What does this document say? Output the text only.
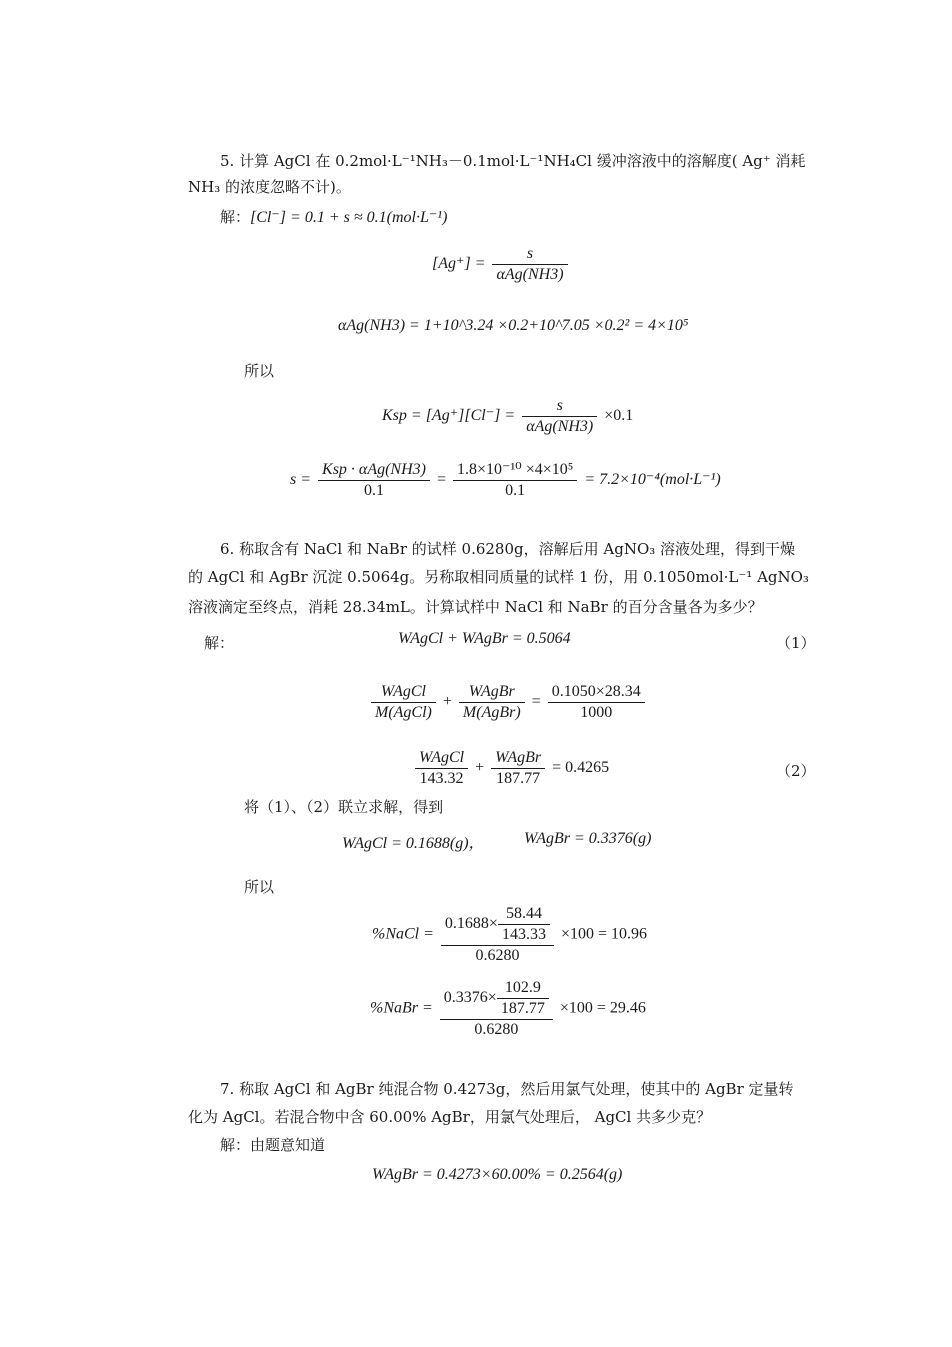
5. 计算 AgCl 在 0.2mol·L⁻¹NH₃－0.1mol·L⁻¹NH₄Cl 缓冲溶液中的溶解度( Ag⁺ 消耗
NH₃ 的浓度忽略不计)。
解：[Cl⁻] = 0.1 + s ≈ 0.1(mol·L⁻¹)
$[Ag^+] = \frac{s}{\text{αAg(NH3)}}$
αAg(NH3) = 1+10^3.24 ×0.2+10^7.05 ×0.2² = 4×10⁵
所以
Ksp = $[Ag^+][Cl^-] = \frac{s}{\text{αAg(NH3)}} \times 0.1$
$s = \frac{\text{Ksp · αAg(NH3)}}{0.1} = \frac{\text{1.8×10⁻¹⁰ ×4×10⁵}}{0.1} = 7.2\times 10^{-4}(mol\cdot L^{-1})$
6. 称取含有 NaCl 和 NaBr 的试样 0.6280g，溶解后用 AgNO₃ 溶液处理，得到干燥
的 AgCl 和 AgBr 沉淀 0.5064g。另称取相同质量的试样 1 份，用 0.1050mol·L⁻¹ AgNO₃
溶液滴定至终点，消耗 28.34mL。计算试样中 NaCl 和 NaBr 的百分含量各为多少？
解：	WAgCl + WAgBr = 0.5064	（1）
$\frac{\text{WAgCl}}{\text{M(AgCl)}} + \frac{\text{WAgBr}}{\text{M(AgBr)}} = \frac{0.1050\times 28.34}{1000}$
$\frac{\text{WAgCl}}{143.32} + \frac{\text{WAgBr}}{187.77} = 0.4265$	（2）
将（1）、（2）联立求解，得到
WAgCl = 0.1688(g)， WAgBr = 0.3376(g)
所以
%NaCl = $\frac{0.1688\times \frac{58.44}{143.33}}{0.6280} \times 100 = 10.96$
%NaBr = $\frac{0.3376\times \frac{102.9}{187.77}}{0.6280} \times 100 = 29.46$
7. 称取 AgCl 和 AgBr 纯混合物 0.4273g，然后用氯气处理，使其中的 AgBr 定量转
化为 AgCl。若混合物中含 60.00% AgBr，用氯气处理后， AgCl 共多少克？
解：由题意知道
WAgBr = 0.4273×60.00% = 0.2564(g)
